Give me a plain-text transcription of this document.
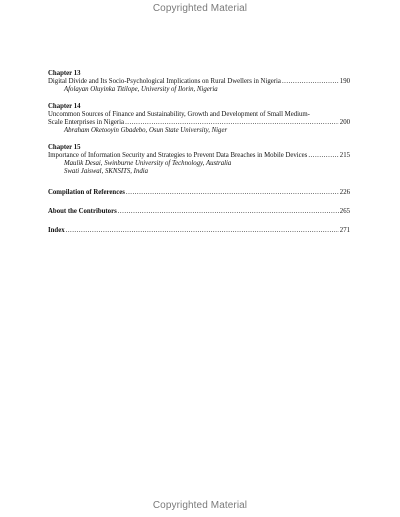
Copyrighted Material
Chapter 13
Digital Divide and Its Socio-Psychological Implications on Rural Dwellers in Nigeria . . .	190
Afolayan Oluyinka Titilope, University of Ilorin, Nigeria
Chapter 14
Uncommon Sources of Finance and Sustainability, Growth and Development of Small Medium-
Scale Enterprises in Nigeria . . .	200
Abraham Oketooyin Gbadebo, Osun State University, Niger
Chapter 15
Importance of Information Security and Strategies to Prevent Data Breaches in Mobile Devices . . .	215
Maulik Desai, Swinburne University of Technology, Australia
Swati Jaiswal, SKNSITS, India
Compilation of References . . .	226
About the Contributors . . .	265
Index . . .	271
Copyrighted Material
